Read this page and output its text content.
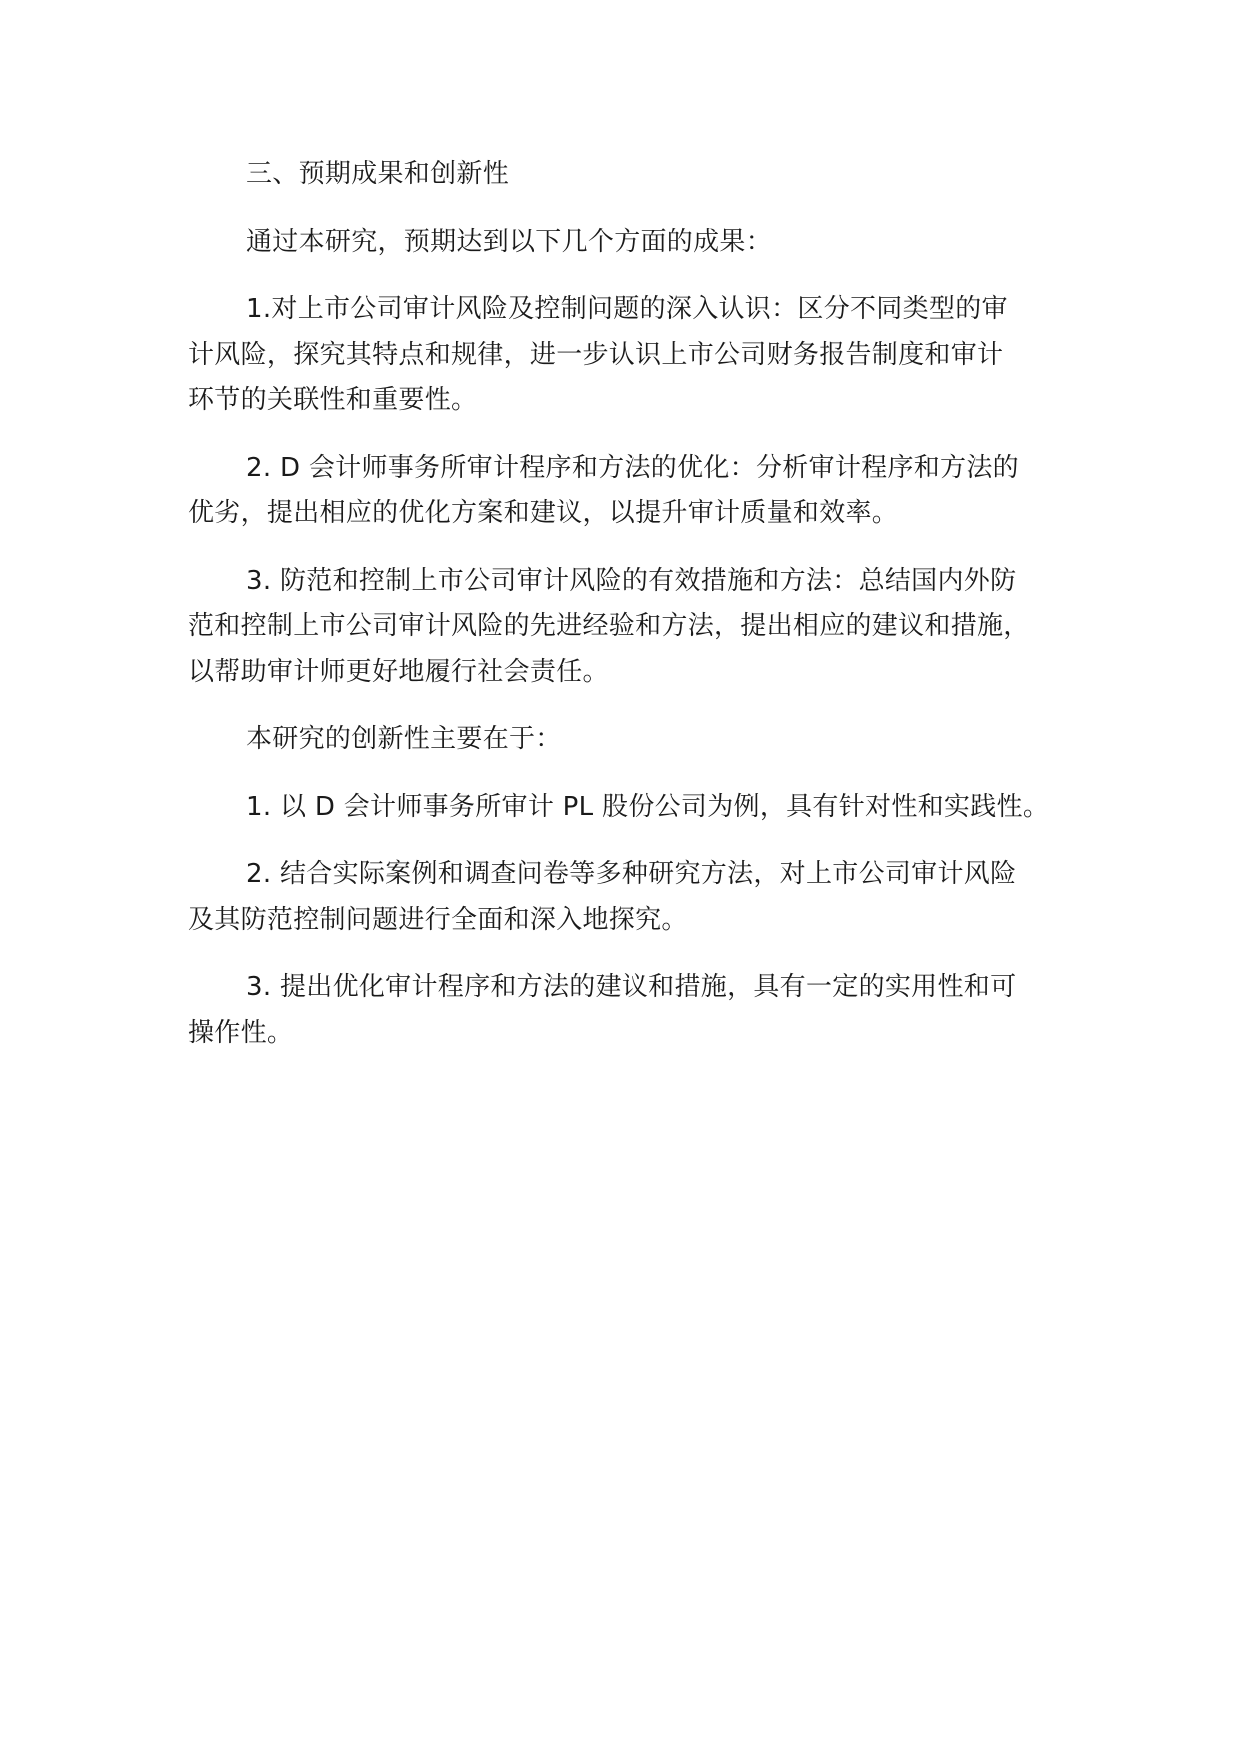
三、预期成果和创新性

通过本研究，预期达到以下几个方面的成果：

1.对上市公司审计风险及控制问题的深入认识：区分不同类型的审
计风险，探究其特点和规律，进一步认识上市公司财务报告制度和审计
环节的关联性和重要性。

2. D 会计师事务所审计程序和方法的优化：分析审计程序和方法的
优劣，提出相应的优化方案和建议，以提升审计质量和效率。

3. 防范和控制上市公司审计风险的有效措施和方法：总结国内外防
范和控制上市公司审计风险的先进经验和方法，提出相应的建议和措施，
以帮助审计师更好地履行社会责任。

本研究的创新性主要在于：

1. 以 D 会计师事务所审计 PL 股份公司为例，具有针对性和实践性。

2. 结合实际案例和调查问卷等多种研究方法，对上市公司审计风险
及其防范控制问题进行全面和深入地探究。

3. 提出优化审计程序和方法的建议和措施，具有一定的实用性和可
操作性。
